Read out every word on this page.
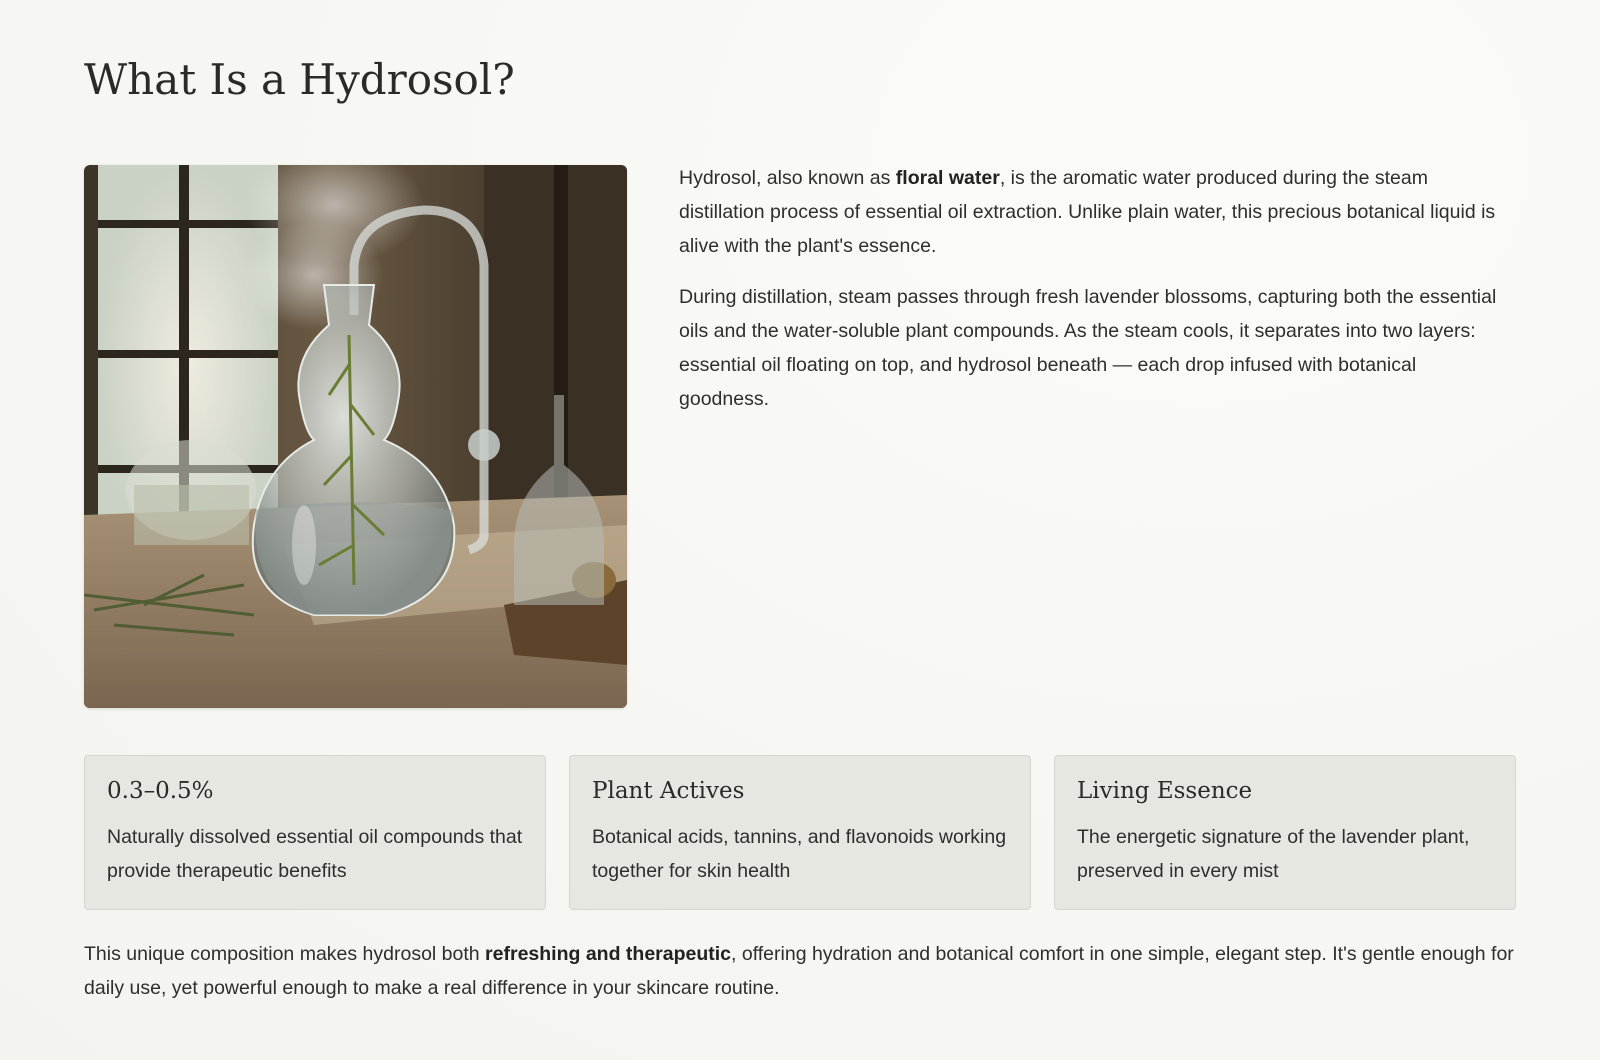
What Is a Hydrosol?

Hydrosol, also known as floral water, is the aromatic water produced during the steam distillation process of essential oil extraction. Unlike plain water, this precious botanical liquid is alive with the plant's essence.

During distillation, steam passes through fresh lavender blossoms, capturing both the essential oils and the water-soluble plant compounds. As the steam cools, it separates into two layers: essential oil floating on top, and hydrosol beneath — each drop infused with botanical goodness.

0.3–0.5%

Naturally dissolved essential oil compounds that provide therapeutic benefits

Plant Actives

Botanical acids, tannins, and flavonoids working together for skin health

Living Essence

The energetic signature of the lavender plant, preserved in every mist

This unique composition makes hydrosol both refreshing and therapeutic, offering hydration and botanical comfort in one simple, elegant step. It's gentle enough for daily use, yet powerful enough to make a real difference in your skincare routine.
